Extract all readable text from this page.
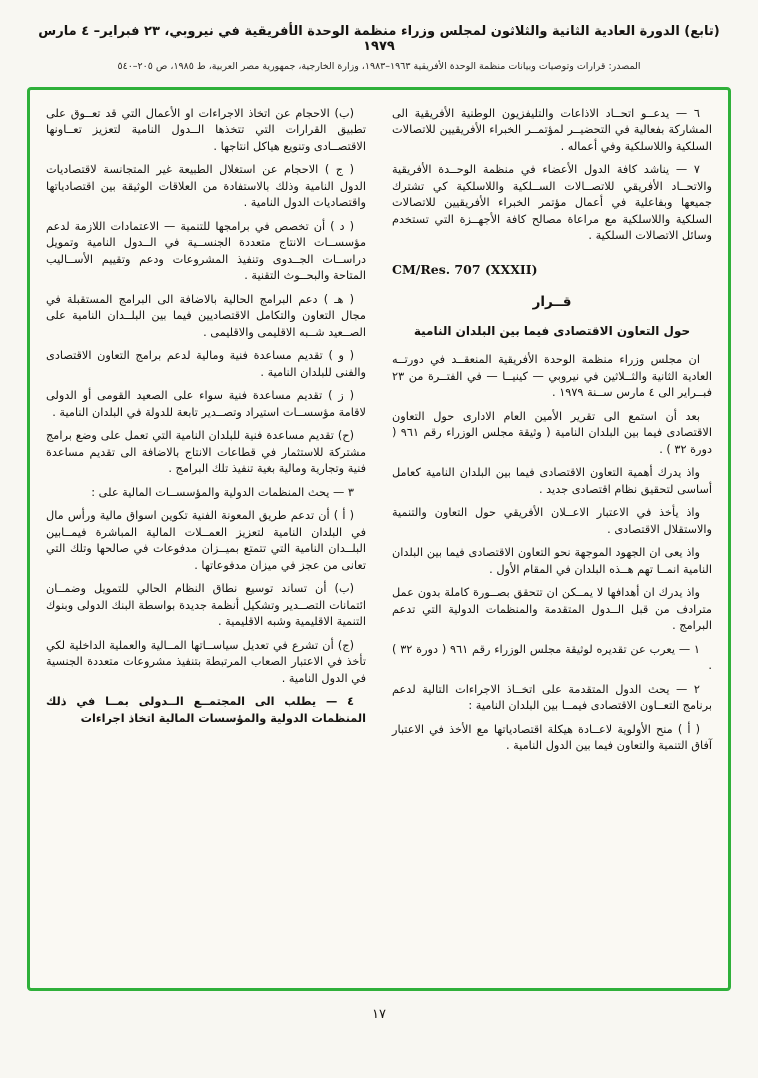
(تابع) الدورة العادية الثانية والثلاثون لمجلس وزراء منظمة الوحدة الأفريقية في نيروبي، ٢٣ فبراير– ٤ مارس ١٩٧٩
المصدر: قرارات وتوصيات وبيانات منظمة الوحدة الأفريقية ١٩٦٣–١٩٨٣، وزارة الخارجية، جمهورية مصر العربية، ط ١٩٨٥، ص ٢٠٥–٥٤٠

٦ — يدعــو اتحــاد الاذاعات والتليفزيون الوطنية الأفريقية الى المشاركة بفعالية في التحضيــر لمؤتمــر الخبراء الأفريقيين للاتصالات السلكية واللاسلكية وفي أعماله .

٧ — يناشد كافة الدول الأعضاء في منظمة الوحــدة الأفريقية والاتحــاد الأفريقي للاتصــالات الســلكية واللاسلكية كي تشترك جميعها وبفاعلية في أعمال مؤتمر الخبراء الأفريقيين للاتصالات السلكية واللاسلكية مع مراعاة مصالح كافة الأجهــزة التي تستخدم وسائل الاتصالات السلكية .

CM/Res. 707 (XXXII)

قــرار

حول التعاون الاقتصادى فيما بين البلدان النامية

ان مجلس وزراء منظمة الوحدة الأفريقية المنعقــد في دورتــه العادية الثانية والثــلاثين في نيروبي — كينيــا — في الفتــرة من ٢٣ فبــراير الى ٤ مارس ســنة ١٩٧٩ .

بعد أن استمع الى تقرير الأمين العام الادارى حول التعاون الاقتصادى فيما بين البلدان النامية ( وثيقة مجلس الوزراء رقم ٩٦١ ( دورة ٣٢ ) .

واذ يدرك أهمية التعاون الاقتصادى فيما بين البلدان النامية كعامل أساسى لتحقيق نظام اقتصادى جديد .

واذ يأخذ في الاعتبار الاعــلان الأفريقي حول التعاون والتنمية والاستقلال الاقتصادى .

واذ يعى ان الجهود الموجهة نحو التعاون الاقتصادى فيما بين البلدان النامية انمــا تهم هــذه البلدان في المقام الأول .

واذ يدرك ان أهدافها لا يمــكن ان تتحقق بصــورة كاملة بدون عمل مترادف من قبل الــدول المتقدمة والمنظمات الدولية التي تدعم البرامج .

١ — يعرب عن تقديره لوثيقة مجلس الوزراء رقم ٩٦١ ( دورة ٣٢ ) .

٢ — يحث الدول المتقدمة على اتخــاذ الاجراءات التالية لدعم برنامج التعــاون الاقتصادى فيمــا بين البلدان النامية :

( أ ) منح الأولوية لاعــادة هيكلة اقتصادياتها مع الأخذ في الاعتبار آفاق التنمية والتعاون فيما بين الدول النامية .

(ب) الاحجام عن اتخاذ الاجراءات او الأعمال التي قد تعــوق على تطبيق القرارات التي تتخذها الــدول النامية لتعزيز تعــاونها الاقتصــادى وتنويع هياكل انتاجها .

( ج ) الاحجام عن استغلال الطبيعة غير المتجانسة لاقتصاديات الدول النامية وذلك بالاستفادة من العلاقات الوثيقة بين اقتصادياتها واقتصاديات الدول النامية .

( د ) أن تخصص في برامجها للتنمية — الاعتمادات اللازمة لدعم مؤسســات الانتاج متعددة الجنســية في الــدول النامية وتمويل دراســات الجــدوى وتنفيذ المشروعات ودعم وتقييم الأســاليب المتاحة والبحــوث التقنية .

( هـ ) دعم البرامج الحالية بالاضافة الى البرامج المستقبلة في مجال التعاون والتكامل الاقتصاديين فيما بين البلــدان النامية على الصــعيد شــبه الاقليمى والاقليمى .

( و ) تقديم مساعدة فنية ومالية لدعم برامج التعاون الاقتصادى والفنى للبلدان النامية .

( ز ) تقديم مساعدة فنية سواء على الصعيد القومى أو الدولى لاقامة مؤسســات استيراد وتصــدير تابعة للدولة في البلدان النامية .

(ح) تقديم مساعدة فنية للبلدان النامية التي تعمل على وضع برامج مشتركة للاستثمار في قطاعات الانتاج بالاضافة الى تقديم مساعدة فنية وتجارية ومالية بغية تنفيذ تلك البرامج .

٣ — يحث المنظمات الدولية والمؤسســات المالية على :

( أ ) أن تدعم طريق المعونة الفنية تكوين اسواق مالية ورأس مال في البلدان النامية لتعزيز العمــلات المالية المباشرة فيمــابين البلــدان النامية التي تتمتع بميــزان مدفوعات في صالحها وتلك التي تعانى من عجز في ميزان مدفوعاتها .

(ب) أن تساند توسيع نطاق النظام الحالي للتمويل وضمــان ائتمانات التصــدير وتشكيل أنظمة جديدة بواسطة البنك الدولى وبنوك التنمية الاقليمية وشبه الاقليمية .

(ج) أن تشرع في تعديل سياســاتها المــالية والعملية الداخلية لكي تأخذ في الاعتبار الصعاب المرتبطة بتنفيذ مشروعات متعددة الجنسية في الدول النامية .

٤ — يطلب الى المجتمــع الــدولى بمــا في ذلك المنظمات الدولية والمؤسسات المالية اتخاذ اجراءات

١٧
